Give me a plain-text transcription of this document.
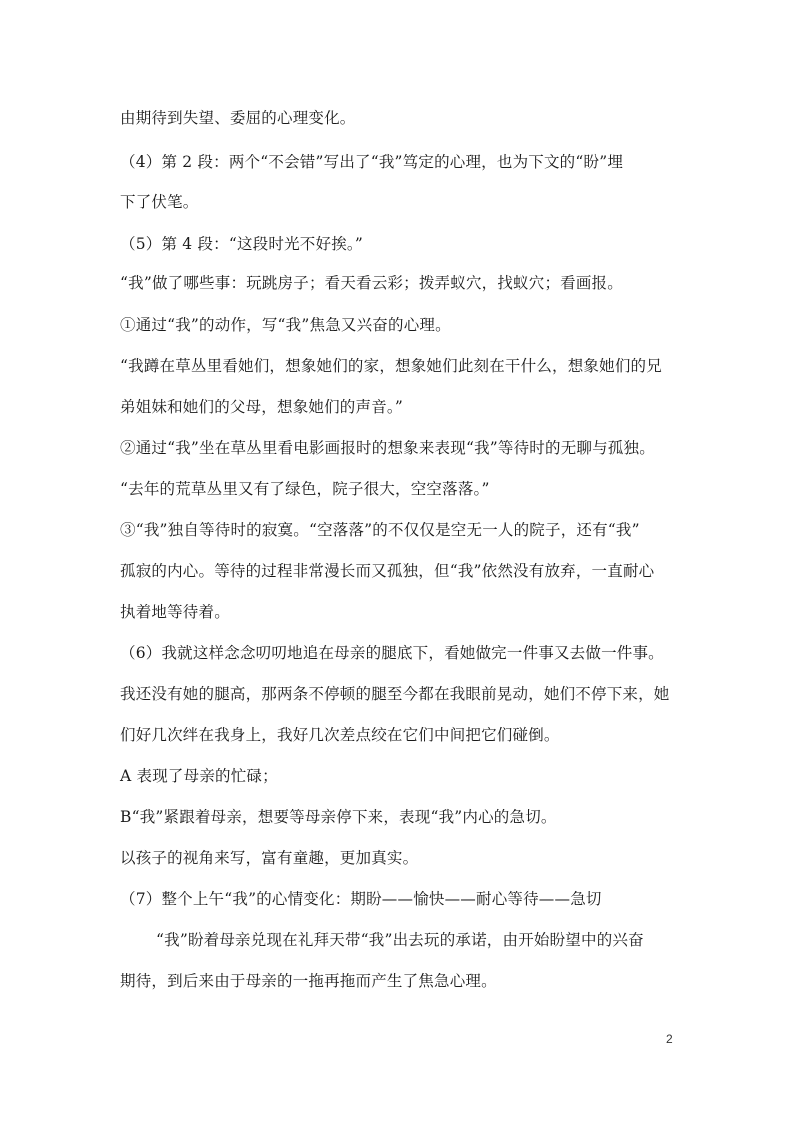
由期待到失望、委屈的心理变化。
（4）第 2 段：两个“不会错”写出了“我”笃定的心理，也为下文的“盼”埋
下了伏笔。
（5）第 4 段：“这段时光不好挨。”
“我”做了哪些事：玩跳房子；看天看云彩；拨弄蚁穴，找蚁穴；看画报。
①通过“我”的动作，写“我”焦急又兴奋的心理。
“我蹲在草丛里看她们，想象她们的家，想象她们此刻在干什么，想象她们的兄
弟姐妹和她们的父母，想象她们的声音。”
②通过“我”坐在草丛里看电影画报时的想象来表现“我”等待时的无聊与孤独。
“去年的荒草丛里又有了绿色，院子很大，空空落落。”
③“我”独自等待时的寂寞。“空落落”的不仅仅是空无一人的院子，还有“我”
孤寂的内心。等待的过程非常漫长而又孤独，但“我”依然没有放弃，一直耐心
执着地等待着。
（6）我就这样念念叨叨地追在母亲的腿底下，看她做完一件事又去做一件事。
我还没有她的腿高，那两条不停顿的腿至今都在我眼前晃动，她们不停下来，她
们好几次绊在我身上，我好几次差点绞在它们中间把它们碰倒。
A 表现了母亲的忙碌；
B“我”紧跟着母亲，想要等母亲停下来，表现“我”内心的急切。
以孩子的视角来写，富有童趣，更加真实。
（7）整个上午“我”的心情变化：期盼——愉快——耐心等待——急切
“我”盼着母亲兑现在礼拜天带“我”出去玩的承诺，由开始盼望中的兴奋
期待，到后来由于母亲的一拖再拖而产生了焦急心理。
2
